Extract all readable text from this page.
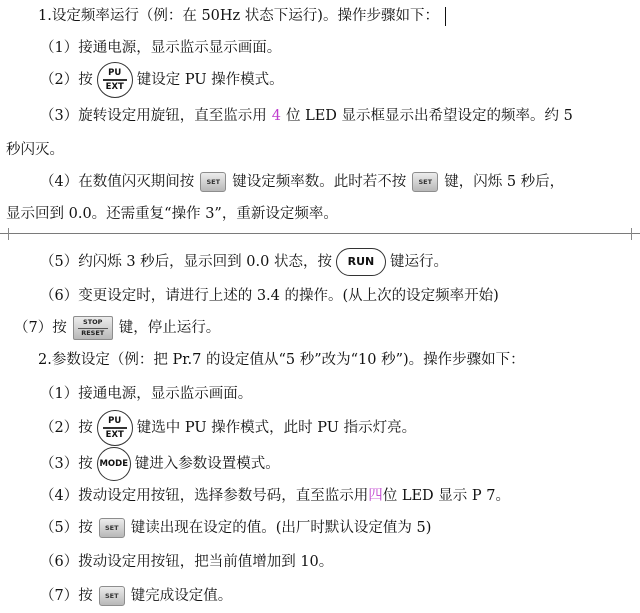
1.设定频率运行（例：在 50Hz 状态下运行)。操作步骤如下：
（1）接通电源，显示监示显示画面。
（2）按 PU
EXT 键设定 PU 操作模式。
（3）旋转设定用旋钮，直至监示用 4 位 LED 显示框显示出希望设定的频率。约 5
秒闪灭。
（4）在数值闪灭期间按	SET 键设定频率数。此时若不按	SET 键，闪烁 5 秒后，
显示回到 0.0。还需重复“操作 3”，重新设定频率。
（5）约闪烁 3 秒后，显示回到 0.0 状态，按	RUN	键运行。
（6）变更设定时，请进行上述的 3.4 的操作。(从上次的设定频率开始)
（7）按	STOP
RESET 键，停止运行。
2.参数设定（例：把 Pr.7 的设定值从“5 秒”改为“10 秒”)。操作步骤如下：
（1）接通电源，显示监示画面。
（2）按 PU
EXT 键选中 PU 操作模式，此时 PU 指示灯亮。
（3）按 MODE 键进入参数设置模式。
（4）拨动设定用按钮，选择参数号码，直至监示用 四 位 LED 显示 P 7。
（5）按	SET 键读出现在设定的值。(出厂时默认设定值为 5)
（6）拨动设定用按钮，把当前值增加到 10。
（7）按	SET 键完成设定值。
